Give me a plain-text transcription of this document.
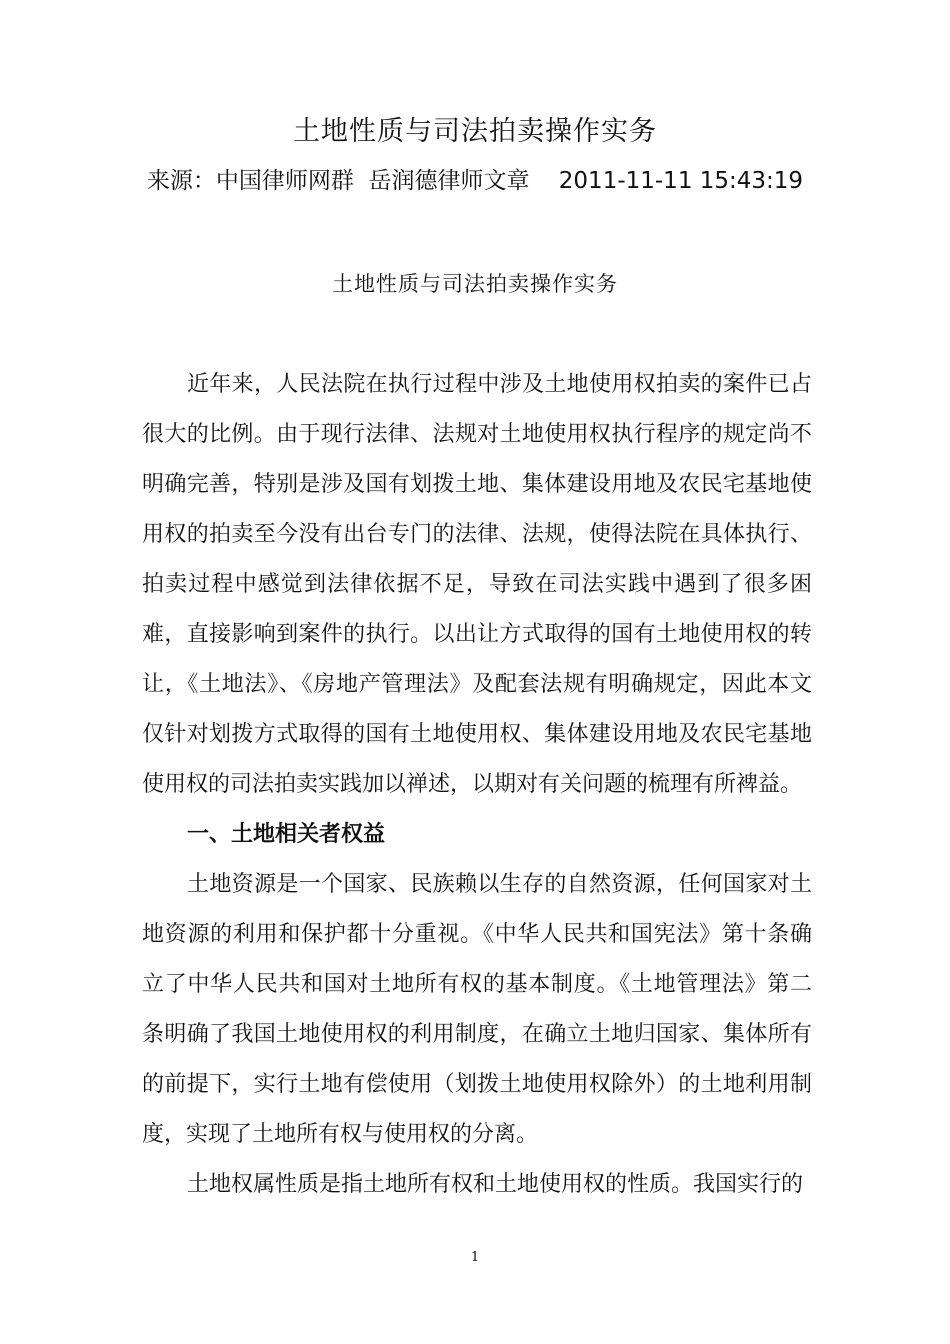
土地性质与司法拍卖操作实务
来源：中国律师网群  岳润德律师文章    2011-11-11 15:43:19
土地性质与司法拍卖操作实务

近年来，人民法院在执行过程中涉及土地使用权拍卖的案件已占很大的比例。由于现行法律、法规对土地使用权执行程序的规定尚不明确完善，特别是涉及国有划拨土地、集体建设用地及农民宅基地使用权的拍卖至今没有出台专门的法律、法规，使得法院在具体执行、拍卖过程中感觉到法律依据不足，导致在司法实践中遇到了很多困难，直接影响到案件的执行。以出让方式取得的国有土地使用权的转让，《土地法》、《房地产管理法》及配套法规有明确规定，因此本文仅针对划拨方式取得的国有土地使用权、集体建设用地及农民宅基地使用权的司法拍卖实践加以禅述，以期对有关问题的梳理有所裨益。

一、土地相关者权益

土地资源是一个国家、民族赖以生存的自然资源，任何国家对土地资源的利用和保护都十分重视。《中华人民共和国宪法》第十条确立了中华人民共和国对土地所有权的基本制度。《土地管理法》第二条明确了我国土地使用权的利用制度，在确立土地归国家、集体所有的前提下，实行土地有偿使用（划拨土地使用权除外）的土地利用制度，实现了土地所有权与使用权的分离。

土地权属性质是指土地所有权和土地使用权的性质。我国实行的

1
